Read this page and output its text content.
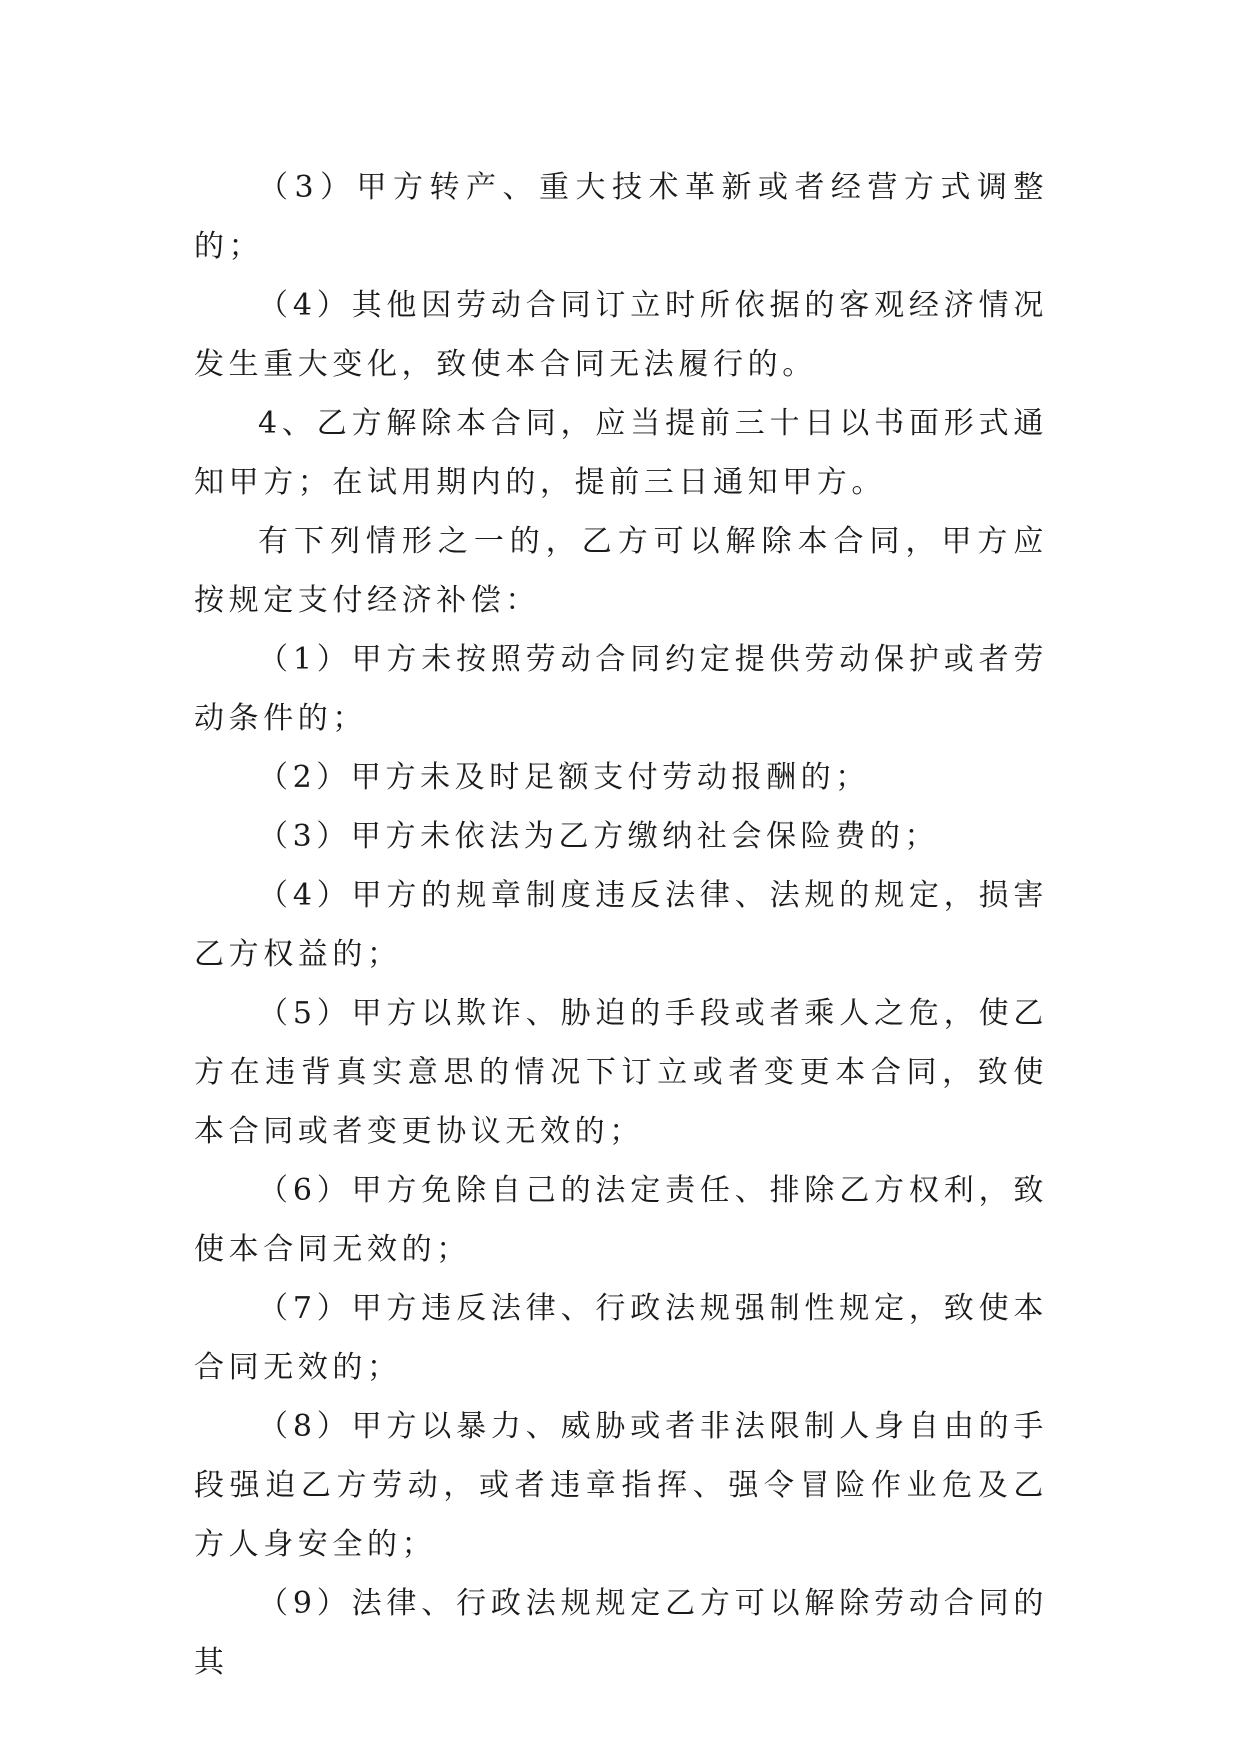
（3）甲方转产、重大技术革新或者经营方式调整的；

（4）其他因劳动合同订立时所依据的客观经济情况发生重大变化，致使本合同无法履行的。

4、乙方解除本合同，应当提前三十日以书面形式通知甲方；在试用期内的，提前三日通知甲方。

有下列情形之一的，乙方可以解除本合同，甲方应按规定支付经济补偿：

（1）甲方未按照劳动合同约定提供劳动保护或者劳动条件的；

（2）甲方未及时足额支付劳动报酬的；

（3）甲方未依法为乙方缴纳社会保险费的；

（4）甲方的规章制度违反法律、法规的规定，损害乙方权益的；

（5）甲方以欺诈、胁迫的手段或者乘人之危，使乙方在违背真实意思的情况下订立或者变更本合同，致使本合同或者变更协议无效的；

（6）甲方免除自己的法定责任、排除乙方权利，致使本合同无效的；

（7）甲方违反法律、行政法规强制性规定，致使本合同无效的；

（8）甲方以暴力、威胁或者非法限制人身自由的手段强迫乙方劳动，或者违章指挥、强令冒险作业危及乙方人身安全的；

（9）法律、行政法规规定乙方可以解除劳动合同的其
